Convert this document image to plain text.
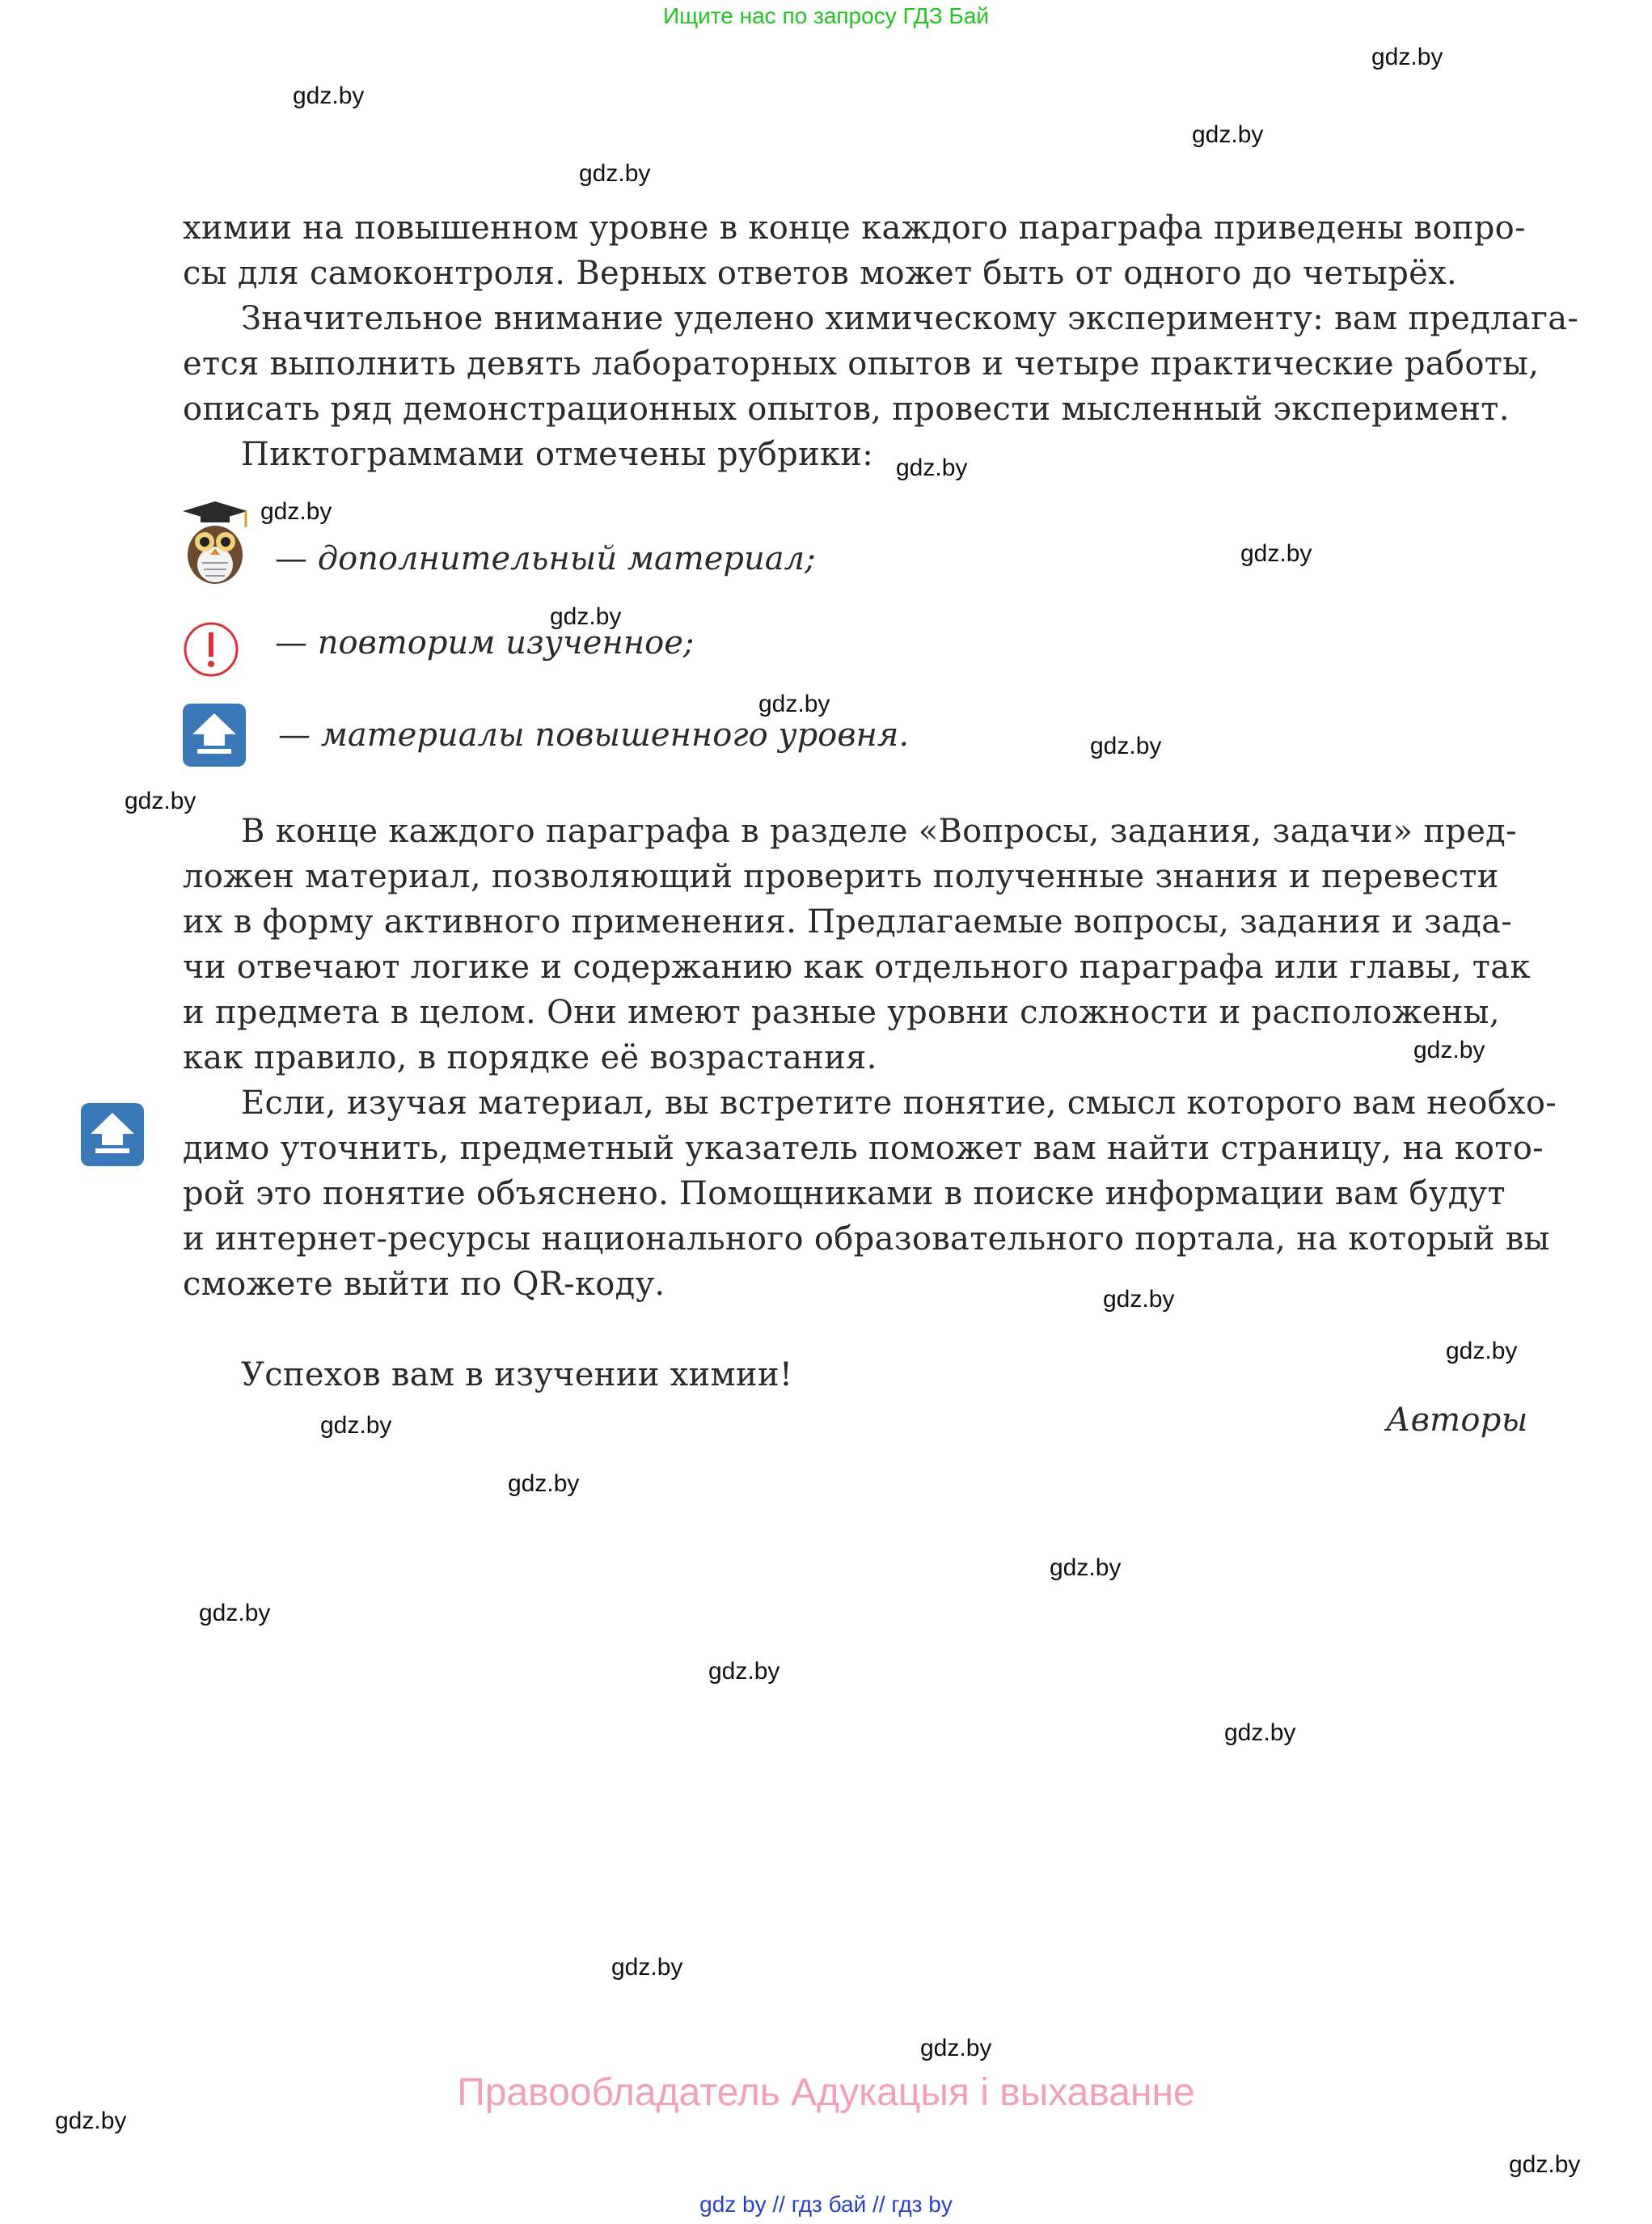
Ищите нас по запросу ГДЗ Бай
gdz.by
gdz.by
gdz.by
gdz.by
gdz.by
gdz.by
gdz.by
gdz.by
gdz.by
gdz.by
gdz.by
gdz.by
gdz.by
gdz.by
gdz.by
gdz.by
gdz.by
gdz.by
gdz.by
gdz.by
gdz.by
gdz.by
gdz.by
gdz.by
химии на повышенном уровне в конце каждого параграфа приведены вопро-
сы для самоконтроля. Верных ответов может быть от одного до четырёх.
Значительное внимание уделено химическому эксперименту: вам предлага-
ется выполнить девять лабораторных опытов и четыре практические работы,
описать ряд демонстрационных опытов, провести мысленный эксперимент.
Пиктограммами отмечены рубрики:
— дополнительный материал;
— повторим изученное;
— материалы повышенного уровня.
В конце каждого параграфа в разделе «Вопросы, задания, задачи» пред-
ложен материал, позволяющий проверить полученные знания и перевести
их в форму активного применения. Предлагаемые вопросы, задания и зада-
чи отвечают логике и содержанию как отдельного параграфа или главы, так
и предмета в целом. Они имеют разные уровни сложности и расположены,
как правило, в порядке её возрастания.
Если, изучая материал, вы встретите понятие, смысл которого вам необхо-
димо уточнить, предметный указатель поможет вам найти страницу, на кото-
рой это понятие объяснено. Помощниками в поиске информации вам будут
и интернет-ресурсы национального образовательного портала, на который вы
сможете выйти по QR-коду.
Успехов вам в изучении химии!
Авторы
Правообладатель Адукацыя і выхаванне
gdz by // гдз бай // гдз by
